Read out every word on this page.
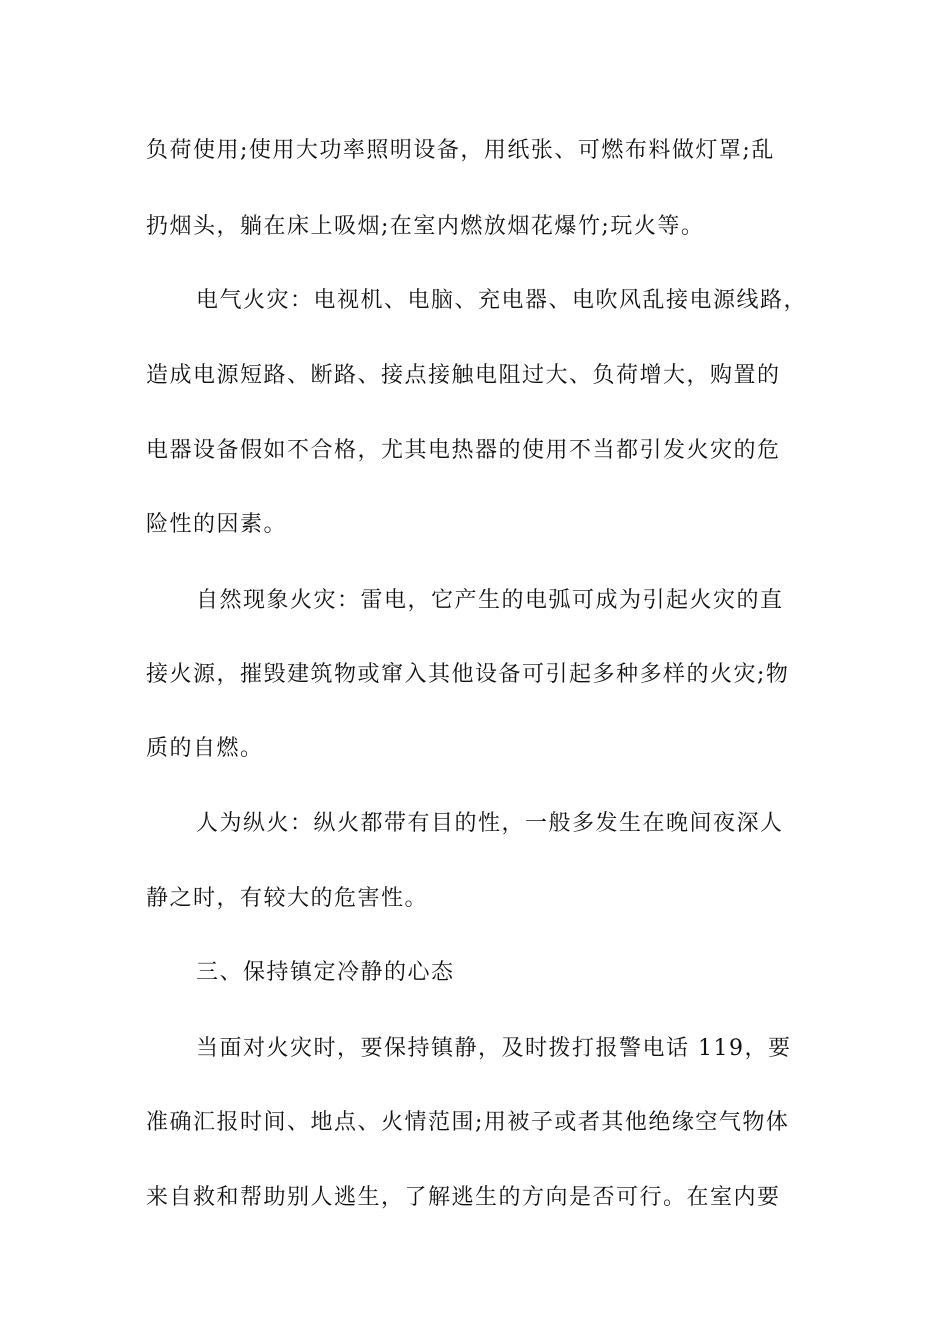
负荷使用;使用大功率照明设备，用纸张、可燃布料做灯罩;乱
扔烟头，躺在床上吸烟;在室内燃放烟花爆竹;玩火等。
电气火灾：电视机、电脑、充电器、电吹风乱接电源线路，
造成电源短路、断路、接点接触电阻过大、负荷增大，购置的
电器设备假如不合格，尤其电热器的使用不当都引发火灾的危
险性的因素。
自然现象火灾：雷电，它产生的电弧可成为引起火灾的直
接火源，摧毁建筑物或窜入其他设备可引起多种多样的火灾;物
质的自燃。
人为纵火：纵火都带有目的性，一般多发生在晚间夜深人
静之时，有较大的危害性。
三、保持镇定冷静的心态
当面对火灾时，要保持镇静，及时拨打报警电话 119，要
准确汇报时间、地点、火情范围;用被子或者其他绝缘空气物体
来自救和帮助别人逃生，了解逃生的方向是否可行。在室内要
